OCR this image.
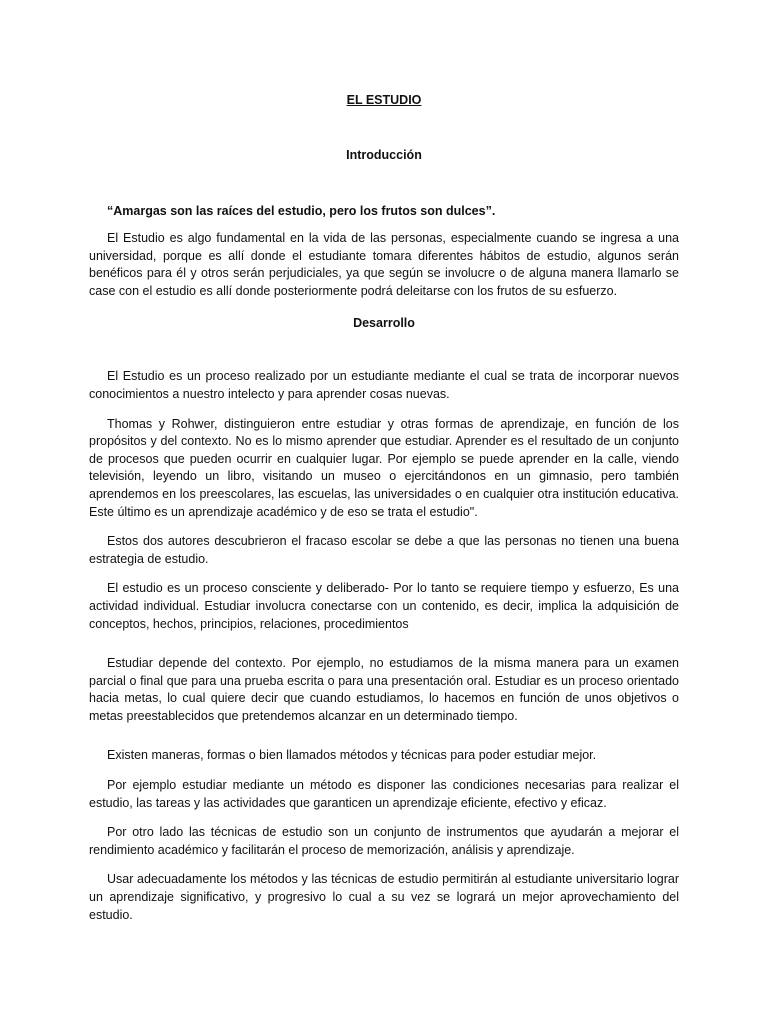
EL ESTUDIO
Introducción

“Amargas son las raíces del estudio, pero los frutos son dulces”.

El Estudio es algo fundamental en la vida de las personas, especialmente cuando se ingresa a una universidad, porque es allí donde el estudiante tomara diferentes hábitos de estudio, algunos serán benéficos para él y otros serán perjudiciales, ya que según se involucre o de alguna manera llamarlo se case con el estudio es allí donde posteriormente podrá deleitarse con los frutos de su esfuerzo.

Desarrollo

El Estudio es un proceso realizado por un estudiante mediante el cual se trata de incorporar nuevos conocimientos a nuestro intelecto y para aprender cosas nuevas.

Thomas y Rohwer, distinguieron entre estudiar y otras formas de aprendizaje, en función de los propósitos y del contexto. No es lo mismo aprender que estudiar. Aprender es el resultado de un conjunto de procesos que pueden ocurrir en cualquier lugar. Por ejemplo se puede aprender en la calle, viendo televisión, leyendo un libro, visitando un museo o ejercitándonos en un gimnasio, pero también aprendemos en los preescolares, las escuelas, las universidades o en cualquier otra institución educativa. Este último es un aprendizaje académico y de eso se trata el estudio".

Estos dos autores descubrieron el fracaso escolar se debe a que las personas no tienen una buena estrategia de estudio.

El estudio es un proceso consciente y deliberado- Por lo tanto se requiere tiempo y esfuerzo, Es una actividad individual. Estudiar involucra conectarse con un contenido, es decir, implica la adquisición de conceptos, hechos, principios, relaciones, procedimientos

Estudiar depende del contexto. Por ejemplo, no estudiamos de la misma manera para un examen parcial o final que para una prueba escrita o para una presentación oral. Estudiar es un proceso orientado hacia metas, lo cual quiere decir que cuando estudiamos, lo hacemos en función de unos objetivos o metas preestablecidos que pretendemos alcanzar en un determinado tiempo.

Existen maneras, formas o bien llamados métodos y técnicas para poder estudiar mejor.

Por ejemplo estudiar mediante un método es disponer las condiciones necesarias para realizar el estudio, las tareas y las actividades que garanticen un aprendizaje eficiente, efectivo y eficaz.

Por otro lado las técnicas de estudio son un conjunto de instrumentos que ayudarán a mejorar el rendimiento académico y facilitarán el proceso de memorización, análisis y aprendizaje.

Usar adecuadamente los métodos y las técnicas de estudio permitirán al estudiante universitario lograr un aprendizaje significativo, y progresivo lo cual a su vez se logrará un mejor aprovechamiento del estudio.
